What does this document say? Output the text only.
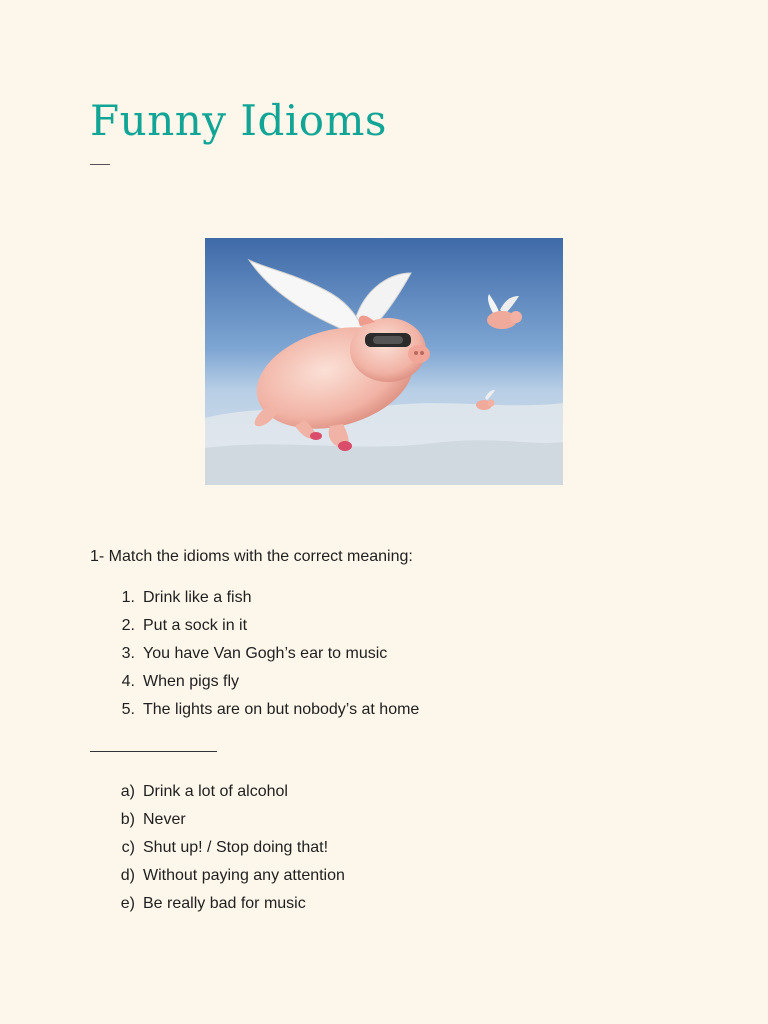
Funny Idioms

1- Match the idioms with the correct meaning:

1. Drink like a fish
2. Put a sock in it
3. You have Van Gogh’s ear to music
4. When pigs fly
5. The lights are on but nobody’s at home
a) Drink a lot of alcohol
b) Never
c) Shut up! / Stop doing that!
d) Without paying any attention
e) Be really bad for music
